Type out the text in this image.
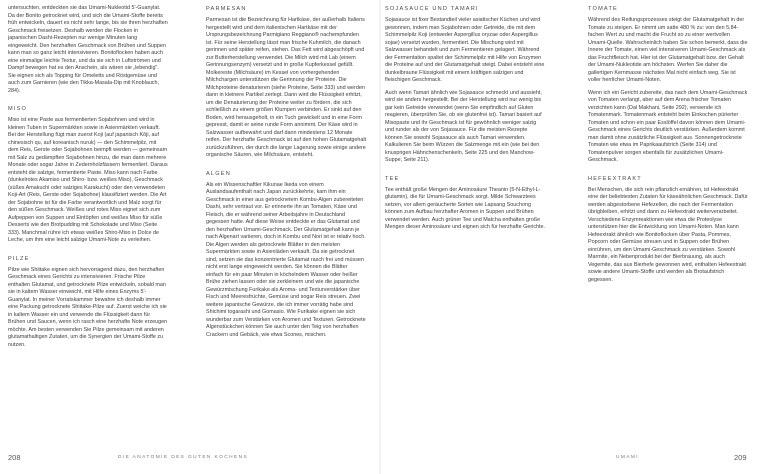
untersuchten, entdeckten sie das Umami-Nukleotid 5'-Guanylat. Da der Bonito getrocknet wird, und sich die Umami-Stoffe bereits früh entwickeln, dauert es nicht sehr lange, bis sie ihren herzhaften Geschmack freisetzen. Deshalb werden die Flocken in japanischen Dashi-Rezepten nur wenige Minuten lang eingeweicht. Den herzhaften Geschmack von Brühen und Suppen kann man so ganz leicht intensivieren. Bonitoflocken haben auch eine einmalige leichte Textur, und da sie sich in Luftströmen und Dampf bewegen hat es den Anschein, als wären sie „lebendig". Sie eignen sich als Topping für Omeletts und Röstgemüse und auch zum Garnieren (wie den Tikka-Masala-Dip mit Knoblauch, 284).

MISO

Miso ist eine Paste aus fermentierten Sojabohnen und wird in kleinen Tuben in Supermärkten sowie in Asienmärkten verkauft. Bei der Herstellung fügt man zuerst Koji (auf japanisch Kōji, auf chinesisch qu, auf koreanisch nuruk) — den Schimmelpilz, mit dem Reis, Gerste oder Sojabohnen beimpft werden — gemeinsam mit Salz zu gedämpften Sojabohnen hinzu, die man dann mehrere Monate oder sogar Jahre in Zedernholzfässern fermentiert. Daraus entsteht die salzige, fermentierte Paste. Miso kann nach Farbe (dunkelrotes Akamiso und Shiro- bzw. weißes Miso), Geschmack (süßes Amakuchi oder salziges Karakuchi) oder den verwendeten Koji-Art (Reis, Gerste oder Sojabohne) klassifiziert werden. Die Art der Sojabohne ist für die Farbe verantwortlich und Malz sorgt für den süßen Geschmack. Weißes und rotes Miso eignet sich zum Aufpeppen von Suppen und Eintöpfen und weißes Miso für süße Desserts wie den Brotpudding mit Schokolade und Miso (Seite 333). Manchmal rühre ich etwas weißes Shiro-Miso in Dolce de Leche, um ihm eine leicht salzige Umami-Note zu verleihen.

PILZE

Pilze wie Shiitake eignen sich hervorragend dazu, den herzhaften Geschmack eines Gerichts zu intensivieren. Frische Pilze enthalten Glutamat, und getrocknete Pilze entwickeln, sobald man sie in kaltem Wasser einweicht, mit Hilfe eines Enzyms 5'-Guanylat. In meiner Vorratskammer bewahre ich deshalb immer eine Packung getrocknete Shiitake-Pilze auf. Zuerst weiche ich sie in kaltem Wasser ein und verwende die Flüssigkeit dann für Brühen und Saucen, wenn ich rasch eine herzhafte Note erzeugen möchte. Am besten verwenden Sie Pilze gemeinsam mit anderen glutamathaltigen Zutaten, um die Synergien der Umami-Stoffe zu nutzen.

PARMESAN

Parmesan ist die Bezeichnung für Hartkäse, der außerhalb Italiens hergestellt wird und dem italienischen Hartkäse mit der Ursprungsbezeichnung Parmigiano Reggiano® nachempfunden ist. Für seine Herstellung lässt man frische Kuhmilch, die danach gerinnen und später reifen, stehen. Das Fett wird abgeschöpft und zur Butterherstellung verwendet. Die Milch wird mit Lab (einem Gerinnungsenzym) versetzt und in große Kupferkessel gefüllt. Molkereste (Milchsäure) im Kessel von vorhergehenden Milchchargen unterstützen die Gerinnung der Proteine. Die Milchproteine denaturieren (siehe Proteine, Seite 333) und werden dann in kleinere Partikel zerlegt. Dann wird die Flüssigkeit erhitzt, um die Denaturierung der Proteine weiter zu fördern, die sich schließlich zu einem größen Klumpen verbinden. Er sinkt auf den Boden, wird herausgeholt, in ein Tuch gewickelt und in eine Form gepresst, damit er seine runde Form annimmt. Der Käse wird in Salzwasser aufbewahrt und darf dann mindestens 12 Monate reifen. Der herzhafte Geschmack ist auf den hohen Glutamatgehalt zurückzuführen, der durch die lange Lagerung sowie einige andere organische Säuren, wie Milchsäure, entsteht.

ALGEN

Als ein Wissenschaftler Kikunae Ikeda von einem Auslandsaufenthalt nach Japan zurückkehrte, kam ihm ein Geschmack in einer aus getrocknetem Kombu-Algen zubereiteten Dashi, sehr vertraut vor. Er erinnerte ihn an Tomaten, Käse und Fleisch, die er während seiner Arbeitsjahre in Deutschland gegessen hatte. Auf diese Weise entdeckte er das Glutamat und den herzhaften Umami-Geschmack. Der Glutamatgehalt kann je nach Algenart variieren, doch in Kombu und Nori ist er relativ hoch. Die Algen werden als getrocknete Blätter in den meisten Supermärkten sowie in Asienläden verkauft. Da sie getrocknet sind, setzen sie das konzentrierte Glutamat rasch frei und müssen nicht erst lange eingeweicht werden. Sie können die Blätter einfach für ein paar Minuten in köchelndem Wasser oder heißer Brühe ziehen lassen oder sie zerkleinern und wie die japanische Gewürzmischung Furikake als Aroma- und Texturverstärker über Fisch und Meeresfrüchte, Gemüse und sogar Reis streuen. Zwei weitere japanische Gewürze, die ich immer vorrätig habe sind Shichimi togarashi und Gomasio. Wie Furikake eignen sie sich wunderbar zum Verstärken von Aromen und Texturen. Getrocknete Algenstückchen können Sie auch unter den Teig von herzhaften Crackern und Gebäck, wie etwa Scones, mischen.

208	DIE ANATOMIE DES GUTEN KOCHENS
SOJASAUCE UND TAMARI

Sojasauce ist fixer Bestandteil vieler asiatischer Küchen und wird gewonnen, indem man Sojabohnen oder Getreide, die mit dem Schimmelpilz Koji (entweder Aspergillus oryzae oder Aspergillus sojae) versetzt wurden, fermentiert. Die Mischung wird mit Salzwasser behandelt und zum Fermentieren gelagert. Während der Fermentation spaltet der Schimmelpilz mit Hilfe von Enzymen die Proteine auf und der Glutamatgehalt steigt. Dabei entsteht eine dunkelbraune Flüssigkeit mit einem kräftigen salzigen und fleischigen Geschmack.

Auch wenn Tamari ähnlich wie Sojasauce schmeckt und aussieht, wird sie anders hergestellt. Bei der Herstellung wird nur wenig bis gar kein Getreide verwendet (wenn Sie empfindlich auf Gluten reagieren, überprüfen Sie, ob sie glutenfrei ist). Tamari basiert auf Misopaste und ihr Geschmack ist für gewöhnlich weniger salzig und runder als der von Sojasauce. Für die meisten Rezepte können Sie sowohl Sojasauce als auch Tamari verwenden. Kalkulieren Sie beim Würzen die Salzmenge mit ein (wie bei den knusprigen Hähnchenschenkeln, Seite 225 und den Manchow-Suppe, Seite 211).

TEE

Tee enthält große Mengen der Aminosäure Theanin (5-N-Ethyl-L-glutamin), die für Umami-Geschmack sorgt. Milde Schwarztees setzen, vor allem geräucherte Sorten wie Lapsang Souchong können zum Aufbau herzhafter Aromen in Suppen und Brühen verwendet werden. Auch grüner Tee und Matcha enthalten große Mengen dieser Aminosäure und eignen sich für herzhafte Gerichte.

TOMATE

Während des Reifungsprozesses steigt der Glutamatgehalt in der Tomate zu steigen. Er nimmt um satte 480 % zu: von den 5,84-fachen Wert zu und macht die Frucht so zu einer wertvollen Umami-Quelle. Wahrscheinlich haben Sie schon bemerkt, dass die Innere der Tomate, einen viel intensiveren Umami-Geschmack als das Fruchtfleisch hat. Hier ist der Glutamatgehalt bzw. der Gehalt der Umami-Nukleotide am höchsten. Werfen Sie daher die gallertigen Kernmasse nächstes Mal nicht einfach weg. Sie ist voller herrlicher Umami-Noten.

Wenn ich ein Gericht zubereite, das nach dem Umami-Geschmack von Tomaten verlangt, aber auf dem Arena frischer Tomaten verzichten kann (Dal Makhani, Seite 292), verwende ich Tomatenmark. Tomatenmark entsteht beim Einkochen pürierter Tomaten und schon ein paar Esslöffel davon können dem Umami-Geschmack eines Gerichts deutlich verstärken. Außerdem kommt man damit ohne zusätzliche Flüssigkeit aus. Sonnengetrocknete Tomaten wie etwa im Paprikaaufstrich (Seite 314) und Tomatenpulver sorgen ebenfalls für zusätzlichen Umami-Geschmack.

HEFEEXTRAKT

Bei Menschen, die sich rein pflanzlich ernähren, ist Hefeextrakt eine der beliebtesten Zutaten für käseähnlichen Geschmack. Dafür werden abgestorbene Hefezellen, die nach der Fermentation übrigbleiben, erhitzt und dann zu Hefeextrakt weiterverarbeitet. Verschiedene Enzymreaktionen wie etwa die Proteolyse unterstützen hier die Entwicklung von Umami-Noten. Man kann Hefeextrakt ähnlich wie Bonitoflocken über Pasta, Pommes, Popcorn oder Gemüse streuen und in Suppen oder Brühen einrühren, um den Umami-Geschmack zu verstärken. Sowohl Marmite, ein Nebenprodukt bei der Bierbrauung, als auch Vegemite, das aus Bierhefe gewonnen wird, enthalten Hefeextrakt sowie andere Umami-Stoffe und werden als Brotaufstrich gegessen.

UMAMI	209
